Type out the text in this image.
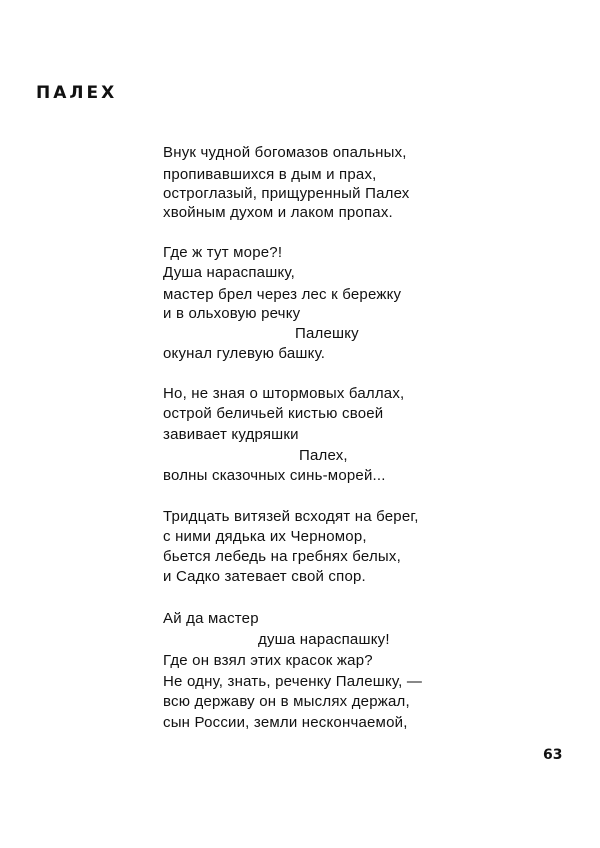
ПАЛЕХ
Внук чудной богомазов опальных,
пропивавшихся в дым и прах,
остроглазый, прищуренный Палех
хвойным духом и лаком пропах.
Где ж тут море?!
Душа нараспашку,
мастер брел через лес к бережку
и в ольховую речку
Палешку
окунал гулевую башку.
Но, не зная о штормовых баллах,
острой беличьей кистью своей
завивает кудряшки
Палех,
волны сказочных синь-морей...
Тридцать витязей всходят на берег,
с ними дядька их Черномор,
бьется лебедь на гребнях белых,
и Садко затевает свой спор.
Ай да мастер
душа нараспашку!
Где он взял этих красок жар?
Не одну, знать, реченку Палешку, —
всю державу он в мыслях держал,
сын России, земли нескончаемой,
63
